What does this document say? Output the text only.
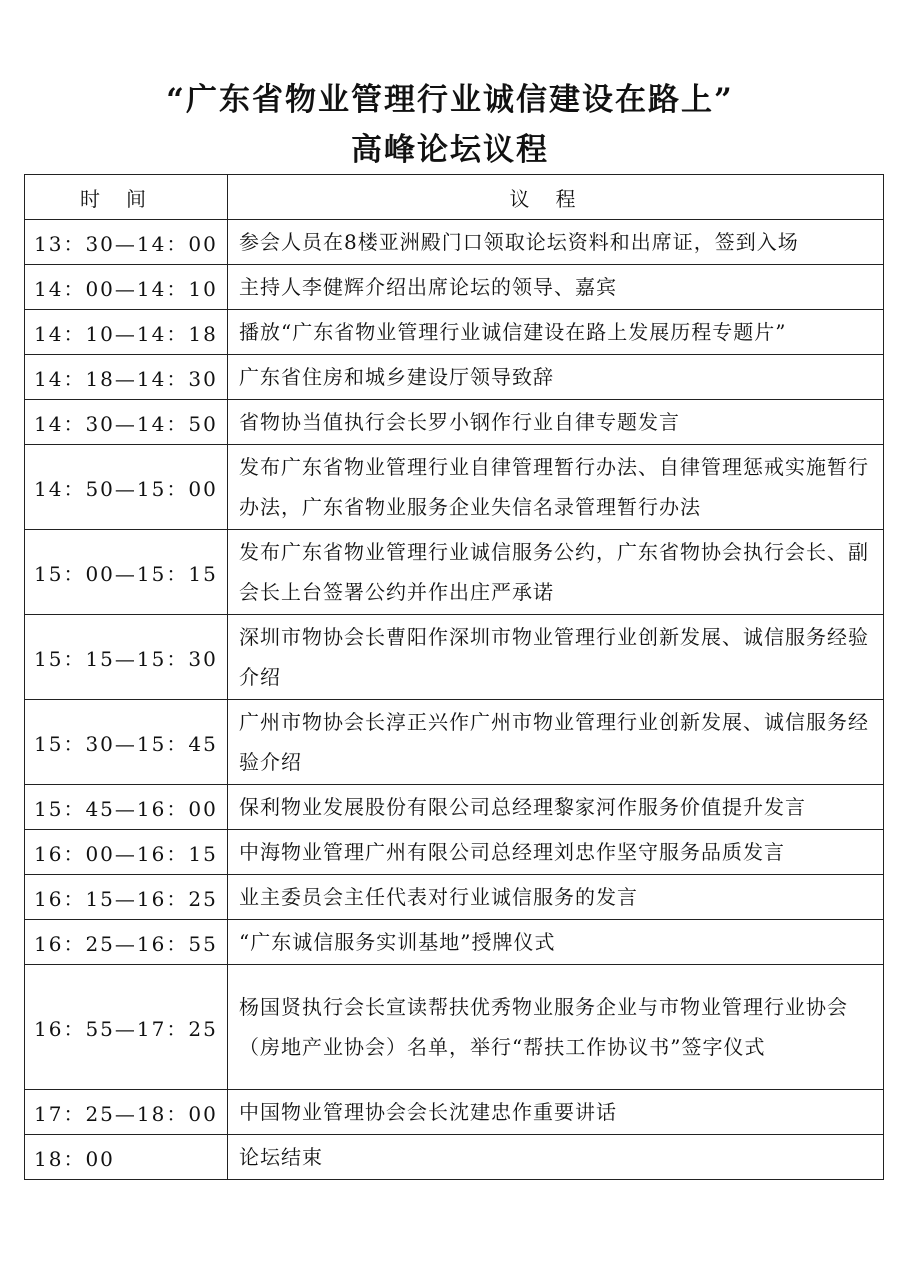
“广东省物业管理行业诚信建设在路上”
高峰论坛议程
时间	议程
13：30—14：00	参会人员在8楼亚洲殿门口领取论坛资料和出席证，签到入场
14：00—14：10	主持人李健辉介绍出席论坛的领导、嘉宾
14：10—14：18	播放“广东省物业管理行业诚信建设在路上发展历程专题片”
14：18—14：30	广东省住房和城乡建设厅领导致辞
14：30—14：50	省物协当值执行会长罗小钢作行业自律专题发言
14：50—15：00	发布广东省物业管理行业自律管理暂行办法、自律管理惩戒实施暂行办法，广东省物业服务企业失信名录管理暂行办法
15：00—15：15	发布广东省物业管理行业诚信服务公约，广东省物协会执行会长、副会长上台签署公约并作出庄严承诺
15：15—15：30	深圳市物协会长曹阳作深圳市物业管理行业创新发展、诚信服务经验介绍
15：30—15：45	广州市物协会长淳正兴作广州市物业管理行业创新发展、诚信服务经验介绍
15：45—16：00	保利物业发展股份有限公司总经理黎家河作服务价值提升发言
16：00—16：15	中海物业管理广州有限公司总经理刘忠作坚守服务品质发言
16：15—16：25	业主委员会主任代表对行业诚信服务的发言
16：25—16：55	“广东诚信服务实训基地”授牌仪式
16：55—17：25	杨国贤执行会长宣读帮扶优秀物业服务企业与市物业管理行业协会（房地产业协会）名单，举行“帮扶工作协议书”签字仪式
17：25—18：00	中国物业管理协会会长沈建忠作重要讲话
18：00	论坛结束
